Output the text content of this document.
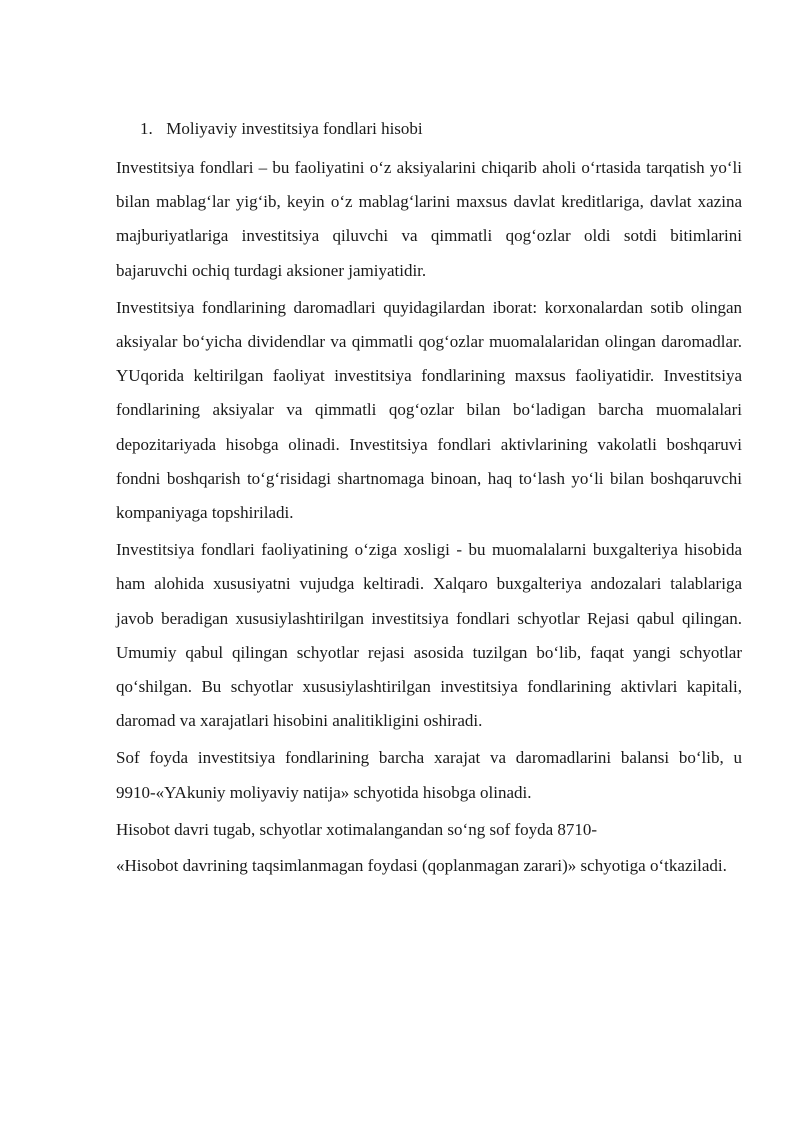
1. Moliyaviy investitsiya fondlari hisobi

Investitsiya fondlari – bu faoliyatini o‘z aksiyalarini chiqarib aholi o‘rtasida tarqatish yo‘li bilan mablag‘lar yig‘ib, keyin o‘z mablag‘larini maxsus davlat kreditlariga, davlat xazina majburiyatlariga investitsiya qiluvchi va qimmatli qog‘ozlar oldi sotdi bitimlarini bajaruvchi ochiq turdagi aksioner jamiyatidir.

Investitsiya fondlarining daromadlari quyidagilardan iborat: korxonalardan sotib olingan aksiyalar bo‘yicha dividendlar va qimmatli qog‘ozlar muomalalaridan olingan daromadlar. YUqorida keltirilgan faoliyat investitsiya fondlarining maxsus faoliyatidir. Investitsiya fondlarining aksiyalar va qimmatli qog‘ozlar bilan bo‘ladigan barcha muomalalari depozitariyada hisobga olinadi. Investitsiya fondlari aktivlarining vakolatli boshqaruvi fondni boshqarish to‘g‘risidagi shartnomaga binoan, haq to‘lash yo‘li bilan boshqaruvchi kompaniyaga topshiriladi.

Investitsiya fondlari faoliyatining o‘ziga xosligi - bu muomalalarni buxgalteriya hisobida ham alohida xususiyatni vujudga keltiradi. Xalqaro buxgalteriya andozalari talablariga javob beradigan xususiylashtirilgan investitsiya fondlari schyotlar Rejasi qabul qilingan. Umumiy qabul qilingan schyotlar rejasi asosida tuzilgan bo‘lib, faqat yangi schyotlar qo‘shilgan. Bu schyotlar xususiylashtirilgan investitsiya fondlarining aktivlari kapitali, daromad va xarajatlari hisobini analitikligini oshiradi.

Sof foyda investitsiya fondlarining barcha xarajat va daromadlarini balansi bo‘lib, u 9910-«YAkuniy moliyaviy natija» schyotida hisobga olinadi.

Hisobot davri tugab, schyotlar xotimalangandan so‘ng sof foyda 8710-

«Hisobot davrining taqsimlanmagan foydasi (qoplanmagan zarari)» schyotiga o‘tkaziladi.
